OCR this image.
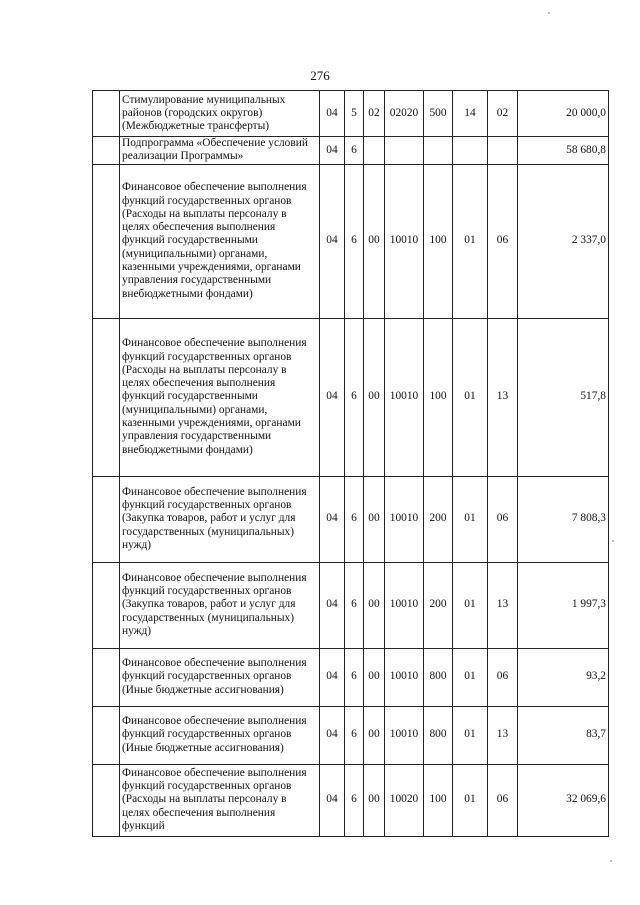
276
	Стимулирование муниципальных районов (городских округов) (Межбюджетные трансферты)	04	5	02	02020	500	14	02	20 000,0
	Подпрограмма «Обеспечение условий реализации Программы»	04	6						58 680,8
	Финансовое обеспечение выполнения функций государственных органов (Расходы на выплаты персоналу в целях обеспечения выполнения функций государственными (муниципальными) органами, казенными учреждениями, органами управления государственными внебюджетными фондами)	04	6	00	10010	100	01	06	2 337,0
	Финансовое обеспечение выполнения функций государственных органов (Расходы на выплаты персоналу в целях обеспечения выполнения функций государственными (муниципальными) органами, казенными учреждениями, органами управления государственными внебюджетными фондами)	04	6	00	10010	100	01	13	517,8
	Финансовое обеспечение выполнения функций государственных органов (Закупка товаров, работ и услуг для государственных (муниципальных) нужд)	04	6	00	10010	200	01	06	7 808,3
	Финансовое обеспечение выполнения функций государственных органов (Закупка товаров, работ и услуг для государственных (муниципальных) нужд)	04	6	00	10010	200	01	13	1 997,3
	Финансовое обеспечение выполнения функций государственных органов (Иные бюджетные ассигнования)	04	6	00	10010	800	01	06	93,2
	Финансовое обеспечение выполнения функций государственных органов (Иные бюджетные ассигнования)	04	6	00	10010	800	01	13	83,7
	Финансовое обеспечение выполнения функций государственных органов (Расходы на выплаты персоналу в целях обеспечения выполнения функций	04	6	00	10020	100	01	06	32 069,6
